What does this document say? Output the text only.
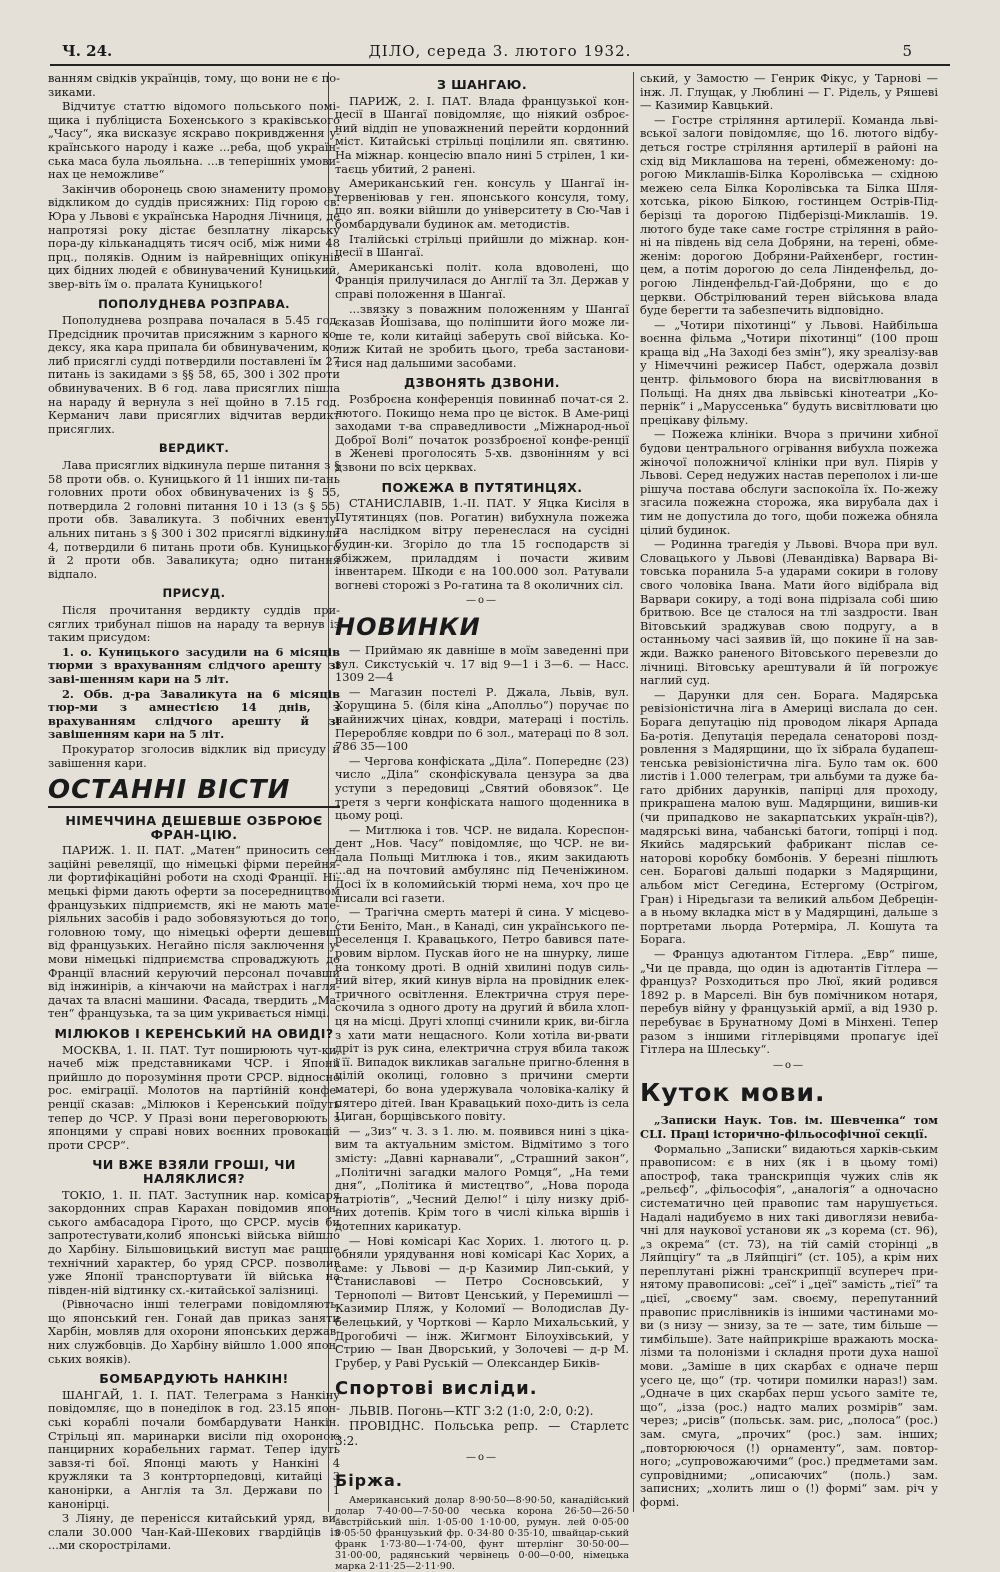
Ч. 24.	ДІЛО, середа 3. лютого 1932.	5

ванням свідків українців, тому, що вони не є по-зиками.

Відчитує статтю відомого польського помі-щика і публіциста Бохенського з краківського „Часу“, яка висказує яскраво покривдження у-країнського народу і каже ...реба, щоб україн-ська маса була льояльна. ...в теперішніх умови-нах це неможливе“

Закінчив оборонець свою знамениту промову відкликом до суддів присяжних: Під горою св. Юра у Львові є українська Народня Лічниця, де напротязі року дістає безплатну лікарську пора-ду кільканадцять тисяч осіб, між ними 48 прц., поляків. Одним із найревніщих опікунів цих бідних людей є обвинувачений Куницький, звер-віть їм о. пралата Куницького!

ПОПОЛУДНЕВА РОЗПРАВА.

Пополуднева розправа почалася в 5.45 год. Предсідник прочитав присяжним з карного ко-дексу, яка кара припала би обвинуваченим, ко-либ присяглі судді потвердили поставлені їм 27 питань із закидами з §§ 58, 65, 300 і 302 проти обвинувачених. В 6 год. лава присяглих пішла на нараду й вернула з неї щойно в 7.15 год. Керманич лави присяглих відчитав вердикт присяглих.

ВЕРДИКТ.

Лава присяглих відкинула перше питання з § 58 проти обв. о. Куницького й 11 інших пи-тань головних проти обох обвинувачених із § 55, потвердила 2 головні питання 10 і 13 (з § 55) проти обв. Заваликута. З побічних евенту-альних питань з § 300 і 302 присяглі відкинули 4, потвердили 6 питань проти обв. Куницького й 2 проти обв. Заваликута; одно питання відпало.

ПРИСУД.

Після прочитання вердикту суддів при-сяглих трибунал пішов на нараду та вернув із таким присудом:

1. о. Куницького засудили на 6 місяців тюрми з врахуванням слідчого арешту зі заві-шенням кари на 5 літ.

2. Обв. д-ра Заваликута на 6 місяців тюр-ми з амнестією 14 днів, з врахуванням слідчого арешту й зі завішенням кари на 5 літ.

Прокуратор зголосив відклик від присуду й завішення кари.

ОСТАННІ ВІСТИ
НІМЕЧЧИНА ДЕШЕВШЕ ОЗБРОЮЄ ФРАН-ЦІЮ.

ПАРИЖ. 1. II. ПАТ. „Матен“ приносить сен-заційні ревеляції, що німецькі фірми перейня-ли фортифікаційні роботи на сході Франції. Ні-мецькі фірми дають оферти за посередництвом французьких підприємств, які не мають мате-ріяльних засобів і радо зобовязуються до того, головною тому, що німецькі оферти дешевші від французьких. Негайно після заключення у-мови німецькі підприємства спроваджують до Франції власний керуючий персонал почавши від інжинірів, а кінчаючи на майстрах і нагля-дачах та власні машини. Фасада, твердить „Ма-тен“ французька, та за цим укривається німці.

МІЛЮКОВ І КЕРЕНСЬКИЙ НА ОВИДІ?

МОСКВА, 1. II. ПАТ. Тут поширюють чут-ки, начеб між представниками ЧСР. і Японії прийшло до порозуміння проти СРСР. відносно рос. еміграції. Молотов на партійній конфе-ренції сказав: „Мілюков і Керенський поїдуть тепер до ЧСР. У Празі вони переговорюють з японцями у справі нових воєнних провокацій проти СРСР“.

ЧИ ВЖЕ ВЗЯЛИ ГРОШІ, ЧИ НАЛЯКЛИСЯ?

ТОКІО, 1. II. ПАТ. Заступник нар. комісаря закордонних справ Карахан повідомив япон-ського амбасадора Гірото, що СРСР. мусів би запротестувати,колиб японські війська війшло до Харбіну. Більшовицький виступ має рацше технічний характер, бо уряд СРСР. позволив уже Японії транспортувати їй війська на півден-ній відтинку сх.-китайської залізниці.

(Рівночасно інші телеграми повідомляють, що японський ген. Гонай дав приказ заняти Харбін, мовляв для охорони японських держав-них службовців. До Харбіну війшло 1.000 япон-ських вояків).

БОМБАРДУЮТЬ НАНКІН!

ШАНГАЙ, 1. I. ПАТ. Телеграма з Нанкіну повідомляє, що в понеділок в год. 23.15 япон-ські кораблі почали бомбардувати Нанкін. Стрільці яп. маринарки висіли під охороною панцирних корабельних гармат. Тепер ідуть завзя-ті бої. Японці мають у Нанкіні 4 кружляки та 3 контрторпедовці, китайці 3 канонірки, а Англія та Зл. Держави по 1 канонірці.

З Ліяну, де перенісся китайський уряд, ви-слали 30.000 Чан-Кай-Шекових гвардійців із ...ми скорострілами.

З ШАНГАЮ.

ПАРИЖ, 2. I. ПАТ. Влада французької кон-цесії в Шангаї повідомляє, що ніякий озброє-ний віддіп не уповажнений перейти кордонний міст. Китайські стрільці поцілили яп. святиню. На міжнар. концесію впало нині 5 стрілен, 1 ки-таєць убитий, 2 ранені.

Американський ген. консуль у Шангаї ін-тервеніював у ген. японського консуля, тому, що яп. вояки війшли до університету в Сю-Чав і бомбардували будинок ам. методистів.

Італійські стрільці прийшли до міжнар. кон-цесії в Шангаї.

Американські політ. кола вдоволені, що Франція прилучилася до Англії та Зл. Держав у справі положення в Шангаї.

...звязку з поважним положенням у Шангаї сказав Йошізава, що поліпшити його може ли-ше те, коли китайці заберуть свої війська. Ко-лиж Китай не зробить цього, треба застанови-тися над дальшими засобами.

ДЗВОНЯТЬ ДЗВОНИ.

Розброєна конференція повиннаб почат-ся 2. лютого. Покищо нема про це вісток. В Аме-риці заходами т-ва справедливости „Міжнарод-ньої Доброї Волі“ початок роззброєної конфе-ренції в Женеві проголосять 5-хв. дзвонінням у всі дзвони по всіх церквах.

ПОЖЕЖА В ПУТЯТИНЦЯХ.

СТАНИСЛАВІВ, 1.-II. ПАТ. У Яцка Кисіля в Путятинцях (пов. Рогатин) вибухнула пожежа та наслідком вітру перенеслася на сусідні будин-ки. Згоріло до тла 15 господарств зі збіжжем, приладдям і почасти живим інвентарем. Шкоди є на 100.000 зол. Ратували вогневі сторожі з Ро-гатина та 8 околичних сіл.

—o—
НОВИНКИ

— Приймаю як давніше в моїм заведенні при вул. Сикстуській ч. 17 від 9—1 і 3—6. — Насс. 1309 2—4

— Магазин постелі Р. Джала, Львів, вул. Хорущина 5. (біля кіна „Аполльо“) поручає по найнижчих цінах, ковдри, матераці і постіль. Переробляє ковдри по 6 зол., матераці по 8 зол. 786 35—100

— Чергова конфіската „Діла“. Попереднє (23) число „Діла“ сконфіскувала цензура за два уступи з передовиці „Святий обовязок“. Це третя з черги конфіската нашого щоденника в цьому році.

— Митлюка і тов. ЧСР. не видала. Кореспон-дент „Нов. Часу“ повідомляє, що ЧСР. не ви-дала Польщі Митлюка і тов., яким закидають ...ад на почтовий амбулянс під Печеніжином. Досі їх в коломийській тюрмі нема, хоч про це писали всі газети.

— Трагічна смерть матері й сина. У місцево-сти Беніто, Ман., в Канаді, син українського пе-реселенця І. Кравацького, Петро бавився пате-ровим вірлом. Пускав його не на шнурку, лише на тонкому дроті. В одній хвилині подув силь-ний вітер, який кинув вірла на провідник елек-тричного освітлення. Електрична струя пере-скочила з одного дроту на другий й вбила хлоп-ця на місці. Другі хлопці счинили крик, ви-бігла з хати мати нещасного. Коли хотіла ви-рвати дріт із рук сина, електрична струя вбила також і її. Випадок викликав загальне пригно-блення в цілій околиці, головно з причини смерти матері, бо вона удержувала чоловіка-каліку й пятеро дітей. Іван Кравацький похо-дить із села Циган, борщівського повіту.

— „Зиз“ ч. 3. з 1. лю. м. появився нині з ціка-вим та актуальним змістом. Відмітимо з того змісту: „Давні карнавали“, „Страшний закон“, „Політичні загадки малого Ромця“, „На теми дня“, „Політика й мистецтво“, „Нова порода патріотів“, „Чесний Делю!“ і цілу низку дріб-них дотепів. Крім того в числі кілька віршів і дотепних карикатур.

— Нові комісарі Кас Хорих. 1. лютого ц. р. обняли урядування нові комісарі Кас Хорих, а саме: у Львові — д-р Казимир Лип-ський, у Станиславові — Петро Сосновський, у Тернополі — Витовт Ценський, у Перемишлі — Казимир Пляж, у Коломиї — Володислав Ду-белецький, у Чорткові — Карло Михальський, у Дрогобичі — інж. Жигмонт Білоухівський, у Стрию — Іван Дворський, у Золочеві — д-р М. Грубер, у Раві Руській — Олександер Биків-

Спортові висліди.

ЛЬВІВ. Погонь—КТГ 3:2 (1:0, 2:0, 0:2).

ПРОВІДНС. Польська репр. — Старлетс 3:2.

—o—
Біржа.

Американський долар 8·90·50—8·90·50, канадійський долар 7·40·00—7·50·00 чеська корона 26·50—26·50 австрійський шіл. 1·05·00 1·10·00, румун. лей 0·05·00 0·05·50 французький фр. 0·34·80 0·35·10, швайцар-ський франк 1·73·80—1·74·00, фунт штерлінг 30·50·00—31·00·00, радянський червінець 0·00—0·00, німецька марка 2·11·25—2·11·90.

ський, у Замостю — Генрик Фікус, у Тарнові — інж. Л. Глущак, у Люблині — Г. Рідель, у Ряшеві — Казимир Кавцький.

— Гостре стріляння артилерії. Команда льві-вської залоги повідомляє, що 16. лютого відбу-деться гостре стріляння артилерії в районі на схід від Миклашова на терені, обмеженому: до-рогою Миклашів-Білка Королівська — східною межею села Білка Королівська та Білка Шля-хотська, рікою Білкою, гостинцем Острів-Під-берізці та дорогою Підберізці-Миклашів. 19. лютого буде таке саме гостре стріляння в райо-ні на південь від села Добряни, на терені, обме-женім: дорогою Добряни-Райхенберг, гостин-цем, а потім дорогою до села Лінденфельд, до-рогою Лінденфельд-Гай-Добряни, що є до церкви. Обстрілюваний терен військова влада буде берегти та забезпечить відповідно.

— „Чотири піхотинці“ у Львові. Найбільша воєнна фільма „Чотири піхотинці“ (100 прош краща від „На Заході без змін“), яку зреалізу-вав у Німеччині режисер Пабст, одержала дозвіл центр. фільмового бюра на висвітлювання в Польщі. На днях два львівські кінотеатри „Ко-пернік“ і „Маруссенька“ будуть висвітлювати цю прецікаву фільму.

— Пожежа клініки. Вчора з причини хибної будови центрального огрівання вибухла пожежа жіночої положничої клініки при вул. Піярів у Львові. Серед недужих настав переполох і ли-ше рішуча постава обслуги заспокоїла їх. По-жежу згасила пожежна сторожа, яка вирубала дах і тим не допустила до того, щоби пожежа обняла цілий будинок.

— Родинна трагедія у Львові. Вчора при вул. Словацького у Львові (Левандівка) Варвара Ві-товська поранила 5-а ударами сокири в голову свого чоловіка Івана. Мати його відібрала від Варвари сокиру, а тоді вона підрізала собі шию бритвою. Все це сталося на тлі заздрости. Іван Вітовський зраджував свою подругу, а в останньому часі заявив їй, що покине її на зав-жди. Важко раненого Вітовського перевезли до лічниці. Вітовську арештували й їй погрожує наглий суд.

— Дарунки для сен. Борага. Мадярська ревізіоністична ліга в Америці вислала до сен. Борага депутацію під проводом лікаря Арпада Ба-ротія. Депутація передала сенаторові позд-ровлення з Мадярщини, що їх зібрала будапеш-тенська ревізіоністична ліга. Було там ок. 600 листів і 1.000 телеграм, три альбуми та дуже ба-гато дрібних дарунків, папірці для проходу, прикрашена малою вуш. Мадярщини, вишив-ки (чи припадково не закарпатських україн-ців?), мадярські вина, чабанські батоги, топірці і под. Якийсь мадярський фабрикант післав се-наторові коробку бомбонів. У березні пішлють сен. Борагові дальші подарки з Мадярщини, альбом міст Сегедина, Естергому (Острігом, Гран) і Ніредьгази та великий альбом Дебрецін-а в ньому вкладка міст в у Мадярщині, дальше з портретами льорда Ротерміра, Л. Кошута та Борага.

— Француз адютантом Гітлера. „Евр“ пише, „Чи це правда, що один із адютантів Гітлера — француз? Розходиться про Люї, який родився 1892 р. в Марселі. Він був помічником нотаря, перебув війну у французькій армії, а від 1930 р. перебуває в Брунатному Домі в Мінхені. Тепер разом з іншими гітлерівцями пропагує ідеї Гітлера на Шлеську“.

—o—
Куток мови.

„Записки Наук. Тов. ім. Шевченка“ том CLI. Праці історично-фільософічної секції.

Формально „Записки“ видаються харків-ським правописом: є в них (як і в цьому томі) апостроф, така транскрипція чужих слів як „рельєф“, „фільософія“, „аналогія“ а одночасно систематично цей правопис там нарушується. Надалі надибуємо в них такі дивоглязи невиба-чні для наукової установи як „з корема (ст. 96), „з окрема“ (ст. 73), на тій самій сторінці „в Ляйпцігу“ та „в Ляйпцігі“ (ст. 105), а крім них переплутані ріжні транскрипції всупереч при-нятому правописові: „сеї“ і „цеї“ замість „тієї“ та „цієї, „своєму“ зам. своєму, перепутанний правопис прислівників із іншими частинами мо-ви (з низу — знизу, за те — зате, тим більше — тимбільше). Зате найприкріше вражають моска-лізми та полонізми і складня проти духа нашої мови. „Заміше в цих скарбах є одначе перш усего це, що“ (тр. чотири помилки нараз!) зам. „Одначе в цих скарбах перш усього заміте те, що“, „ізза (рос.) надто малих розмірів“ зам. через; „рисів“ (польськ. зам. рис, „полоса“ (рос.) зам. смуга, „прочих“ (рос.) зам. інших; „повторюючося (!) орнаменту“, зам. повтор-ного; „супровожаючими“ (рос.) предметами зам. супровідними; „описаючих“ (поль.) зам. записних; „холить лиш о (!) формі“ зам. річ у формі.
